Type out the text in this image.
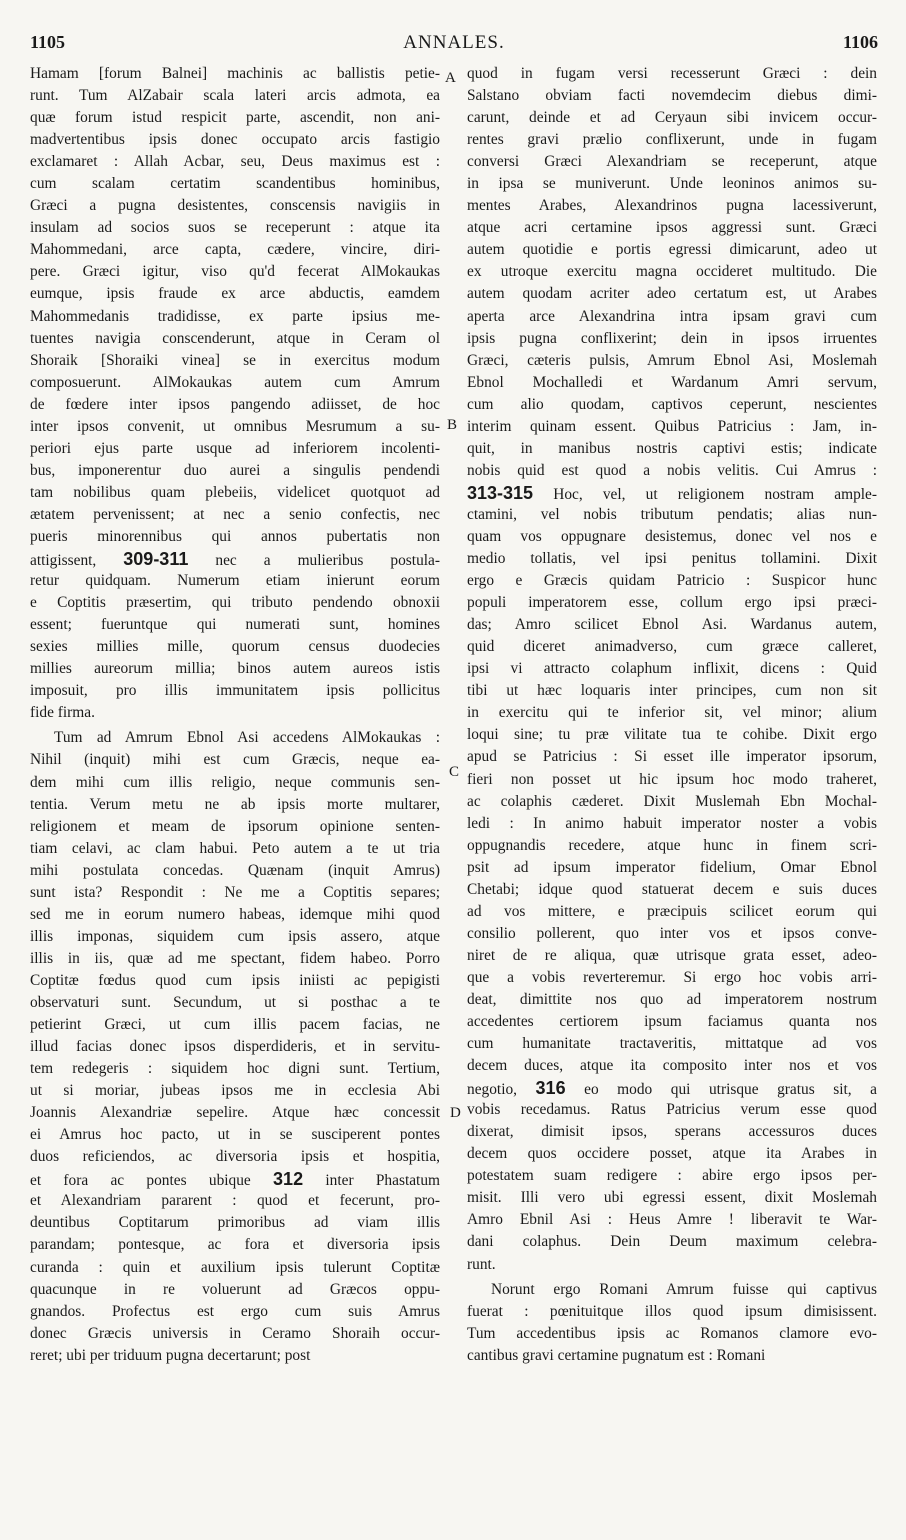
1105	ANNALES.	1106
Hamam [forum Balnei] machinis ac ballistis petie-
runt. Tum AlZabair scala lateri arcis admota, ea
quæ forum istud respicit parte, ascendit, non ani-
madvertentibus ipsis donec occupato arcis fastigio
exclamaret : Allah Acbar, seu, Deus maximus est :
cum scalam certatim scandentibus hominibus,
Græci a pugna desistentes, conscensis navigiis in
insulam ad socios suos se receperunt : atque ita
Mahommedani, arce capta, cædere, vincire, diri-
pere. Græci igitur, viso qu'd fecerat AlMokaukas
eumque, ipsis fraude ex arce abductis, eamdem
Mahommedanis tradidisse, ex parte ipsius me-
tuentes navigia conscenderunt, atque in Ceram ol
Shoraik [Shoraiki vinea] se in exercitus modum
composuerunt. AlMokaukas autem cum Amrum
de fœdere inter ipsos pangendo adiisset, de hoc
inter ipsos convenit, ut omnibus Mesrumum a su-
periori ejus parte usque ad inferiorem incolenti-
bus, imponerentur duo aurei a singulis pendendi
tam nobilibus quam plebeiis, videlicet quotquot ad
ætatem pervenissent; at nec a senio confectis, nec
pueris minorennibus qui annos pubertatis non
attigissent, 309-311 nec a mulieribus postula-
retur quidquam. Numerum etiam inierunt eorum
e Coptitis præsertim, qui tributo pendendo obnoxii
essent; fueruntque qui numerati sunt, homines
sexies millies mille, quorum census duodecies
millies aureorum millia; binos autem aureos istis
imposuit, pro illis immunitatem ipsis pollicitus
fide firma.
Tum ad Amrum Ebnol Asi accedens AlMokaukas :
Nihil (inquit) mihi est cum Græcis, neque ea-
dem mihi cum illis religio, neque communis sen-
tentia. Verum metu ne ab ipsis morte multarer,
religionem et meam de ipsorum opinione senten-
tiam celavi, ac clam habui. Peto autem a te ut tria
mihi postulata concedas. Quænam (inquit Amrus)
sunt ista? Respondit : Ne me a Coptitis separes;
sed me in eorum numero habeas, idemque mihi quod
illis imponas, siquidem cum ipsis assero, atque
illis in iis, quæ ad me spectant, fidem habeo. Porro
Coptitæ fœdus quod cum ipsis iniisti ac pepigisti
observaturi sunt. Secundum, ut si posthac a te
petierint Græci, ut cum illis pacem facias, ne
illud facias donec ipsos disperdideris, et in servitu-
tem redegeris : siquidem hoc digni sunt. Tertium,
ut si moriar, jubeas ipsos me in ecclesia Abi
Joannis Alexandriæ sepelire. Atque hæc concessit
ei Amrus hoc pacto, ut in se susciperent pontes
duos reficiendos, ac diversoria ipsis et hospitia,
et fora ac pontes ubique 312 inter Phastatum
et Alexandriam pararent : quod et fecerunt, pro-
deuntibus Coptitarum primoribus ad viam illis
parandam; pontesque, ac fora et diversoria ipsis
curanda : quin et auxilium ipsis tulerunt Coptitæ
quacunque in re voluerunt ad Græcos oppu-
gnandos. Profectus est ergo cum suis Amrus
donec Græcis universis in Ceramo Shoraih occur-
reret; ubi per triduum pugna decertarunt; post
quod in fugam versi recesserunt Græci : dein
Salstano obviam facti novemdecim diebus dimi-
carunt, deinde et ad Ceryaun sibi invicem occur-
rentes gravi prælio conflixerunt, unde in fugam
conversi Græci Alexandriam se receperunt, atque
in ipsa se muniverunt. Unde leoninos animos su-
mentes Arabes, Alexandrinos pugna lacessiverunt,
atque acri certamine ipsos aggressi sunt. Græci
autem quotidie e portis egressi dimicarunt, adeo ut
ex utroque exercitu magna occideret multitudo. Die
autem quodam acriter adeo certatum est, ut Arabes
aperta arce Alexandrina intra ipsam gravi cum
ipsis pugna conflixerint; dein in ipsos irruentes
Græci, cæteris pulsis, Amrum Ebnol Asi, Moslemah
Ebnol Mochalledi et Wardanum Amri servum,
cum alio quodam, captivos ceperunt, nescientes
interim quinam essent. Quibus Patricius : Jam, in-
quit, in manibus nostris captivi estis; indicate
nobis quid est quod a nobis velitis. Cui Amrus :
313-315 Hoc, vel, ut religionem nostram ample-
ctamini, vel nobis tributum pendatis; alias nun-
quam vos oppugnare desistemus, donec vel nos e
medio tollatis, vel ipsi penitus tollamini. Dixit
ergo e Græcis quidam Patricio : Suspicor hunc
populi imperatorem esse, collum ergo ipsi præci-
das; Amro scilicet Ebnol Asi. Wardanus autem,
quid diceret animadverso, cum græce calleret,
ipsi vi attracto colaphum inflixit, dicens : Quid
tibi ut hæc loquaris inter principes, cum non sit
in exercitu qui te inferior sit, vel minor; alium
loqui sine; tu præ vilitate tua te cohibe. Dixit ergo
apud se Patricius : Si esset ille imperator ipsorum,
fieri non posset ut hic ipsum hoc modo traheret,
ac colaphis cæderet. Dixit Muslemah Ebn Mochal-
ledi : In animo habuit imperator noster a vobis
oppugnandis recedere, atque hunc in finem scri-
psit ad ipsum imperator fidelium, Omar Ebnol
Chetabi; idque quod statuerat decem e suis duces
ad vos mittere, e præcipuis scilicet eorum qui
consilio pollerent, quo inter vos et ipsos conve-
niret de re aliqua, quæ utrisque grata esset, adeo-
que a vobis reverteremur. Si ergo hoc vobis arri-
deat, dimittite nos quo ad imperatorem nostrum
accedentes certiorem ipsum faciamus quanta nos
cum humanitate tractaveritis, mittatque ad vos
decem duces, atque ita composito inter nos et vos
negotio, 316 eo modo qui utrisque gratus sit, a
vobis recedamus. Ratus Patricius verum esse quod
dixerat, dimisit ipsos, sperans accessuros duces
decem quos occidere posset, atque ita Arabes in
potestatem suam redigere : abire ergo ipsos per-
misit. Illi vero ubi egressi essent, dixit Moslemah
Amro Ebnil Asi : Heus Amre ! liberavit te War-
dani colaphus. Dein Deum maximum celebra-
runt.
Norunt ergo Romani Amrum fuisse qui captivus
fuerat : pœnituitque illos quod ipsum dimisissent.
Tum accedentibus ipsis ac Romanos clamore evo-
cantibus gravi certamine pugnatum est : Romani
A
B
C
D
